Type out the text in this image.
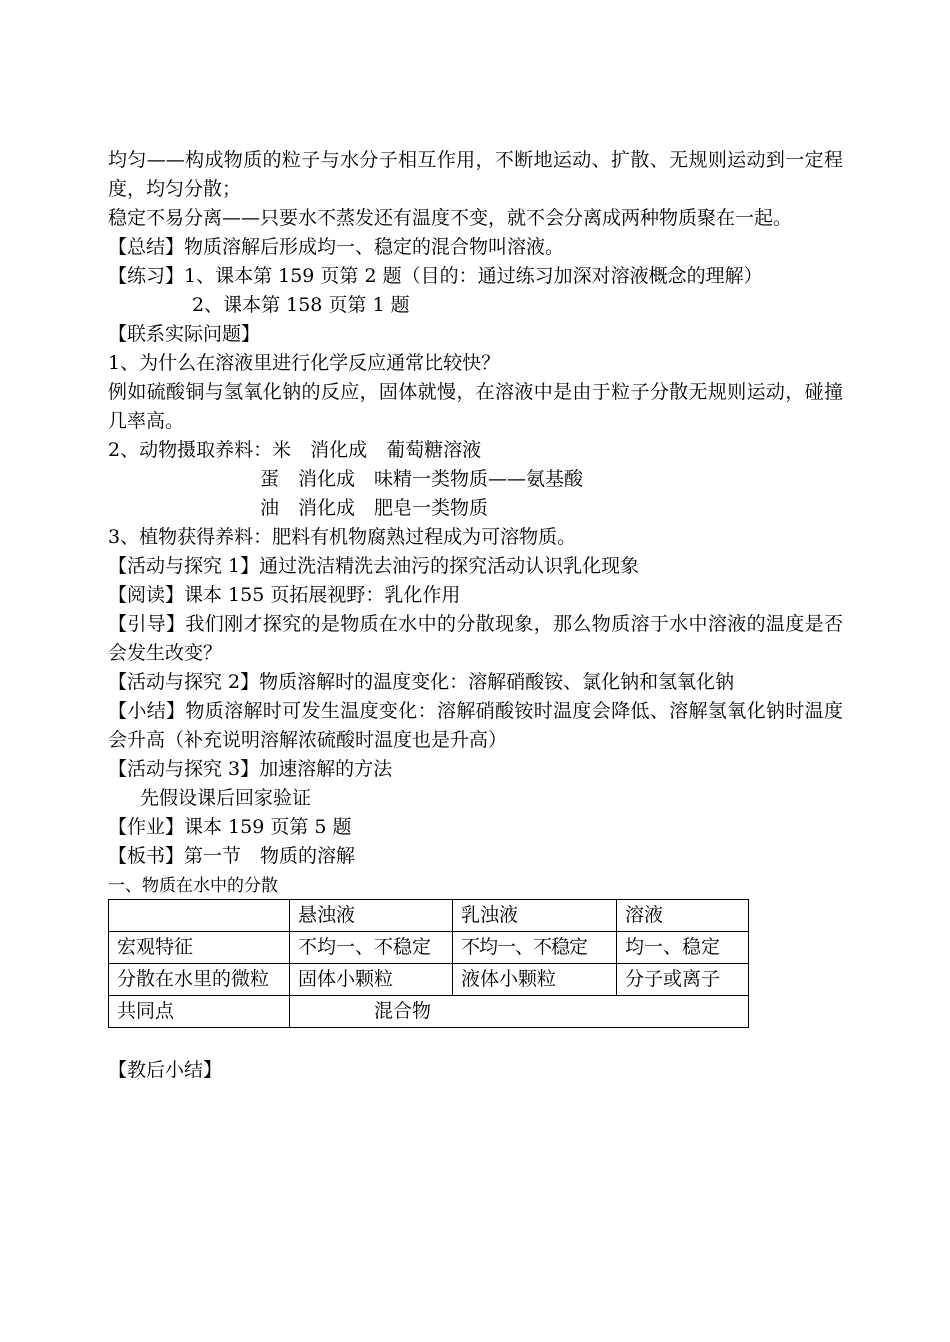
均匀——构成物质的粒子与水分子相互作用，不断地运动、扩散、无规则运动到一定程度，均匀分散；
稳定不易分离——只要水不蒸发还有温度不变，就不会分离成两种物质聚在一起。
【总结】物质溶解后形成均一、稳定的混合物叫溶液。
【练习】1、课本第 159 页第 2 题（目的：通过练习加深对溶液概念的理解）
2、课本第 158 页第 1 题
【联系实际问题】
1、为什么在溶液里进行化学反应通常比较快？
例如硫酸铜与氢氧化钠的反应，固体就慢，在溶液中是由于粒子分散无规则运动，碰撞几率高。
2、动物摄取养料：米　消化成　葡萄糖溶液
蛋　消化成　味精一类物质——氨基酸
油　消化成　肥皂一类物质
3、植物获得养料：肥料有机物腐熟过程成为可溶物质。
【活动与探究 1】通过洗洁精洗去油污的探究活动认识乳化现象
【阅读】课本 155 页拓展视野：乳化作用
【引导】我们刚才探究的是物质在水中的分散现象，那么物质溶于水中溶液的温度是否会发生改变？
【活动与探究 2】物质溶解时的温度变化：溶解硝酸铵、氯化钠和氢氧化钠
【小结】物质溶解时可发生温度变化：溶解硝酸铵时温度会降低、溶解氢氧化钠时温度会升高（补充说明溶解浓硫酸时温度也是升高）
【活动与探究 3】加速溶解的方法
先假设课后回家验证
【作业】课本 159 页第 5 题
【板书】第一节　物质的溶解
一、物质在水中的分散
	悬浊液	乳浊液	溶液
宏观特征	不均一、不稳定	不均一、不稳定	均一、稳定
分散在水里的微粒	固体小颗粒	液体小颗粒	分子或离子
共同点	混合物		
【教后小结】
